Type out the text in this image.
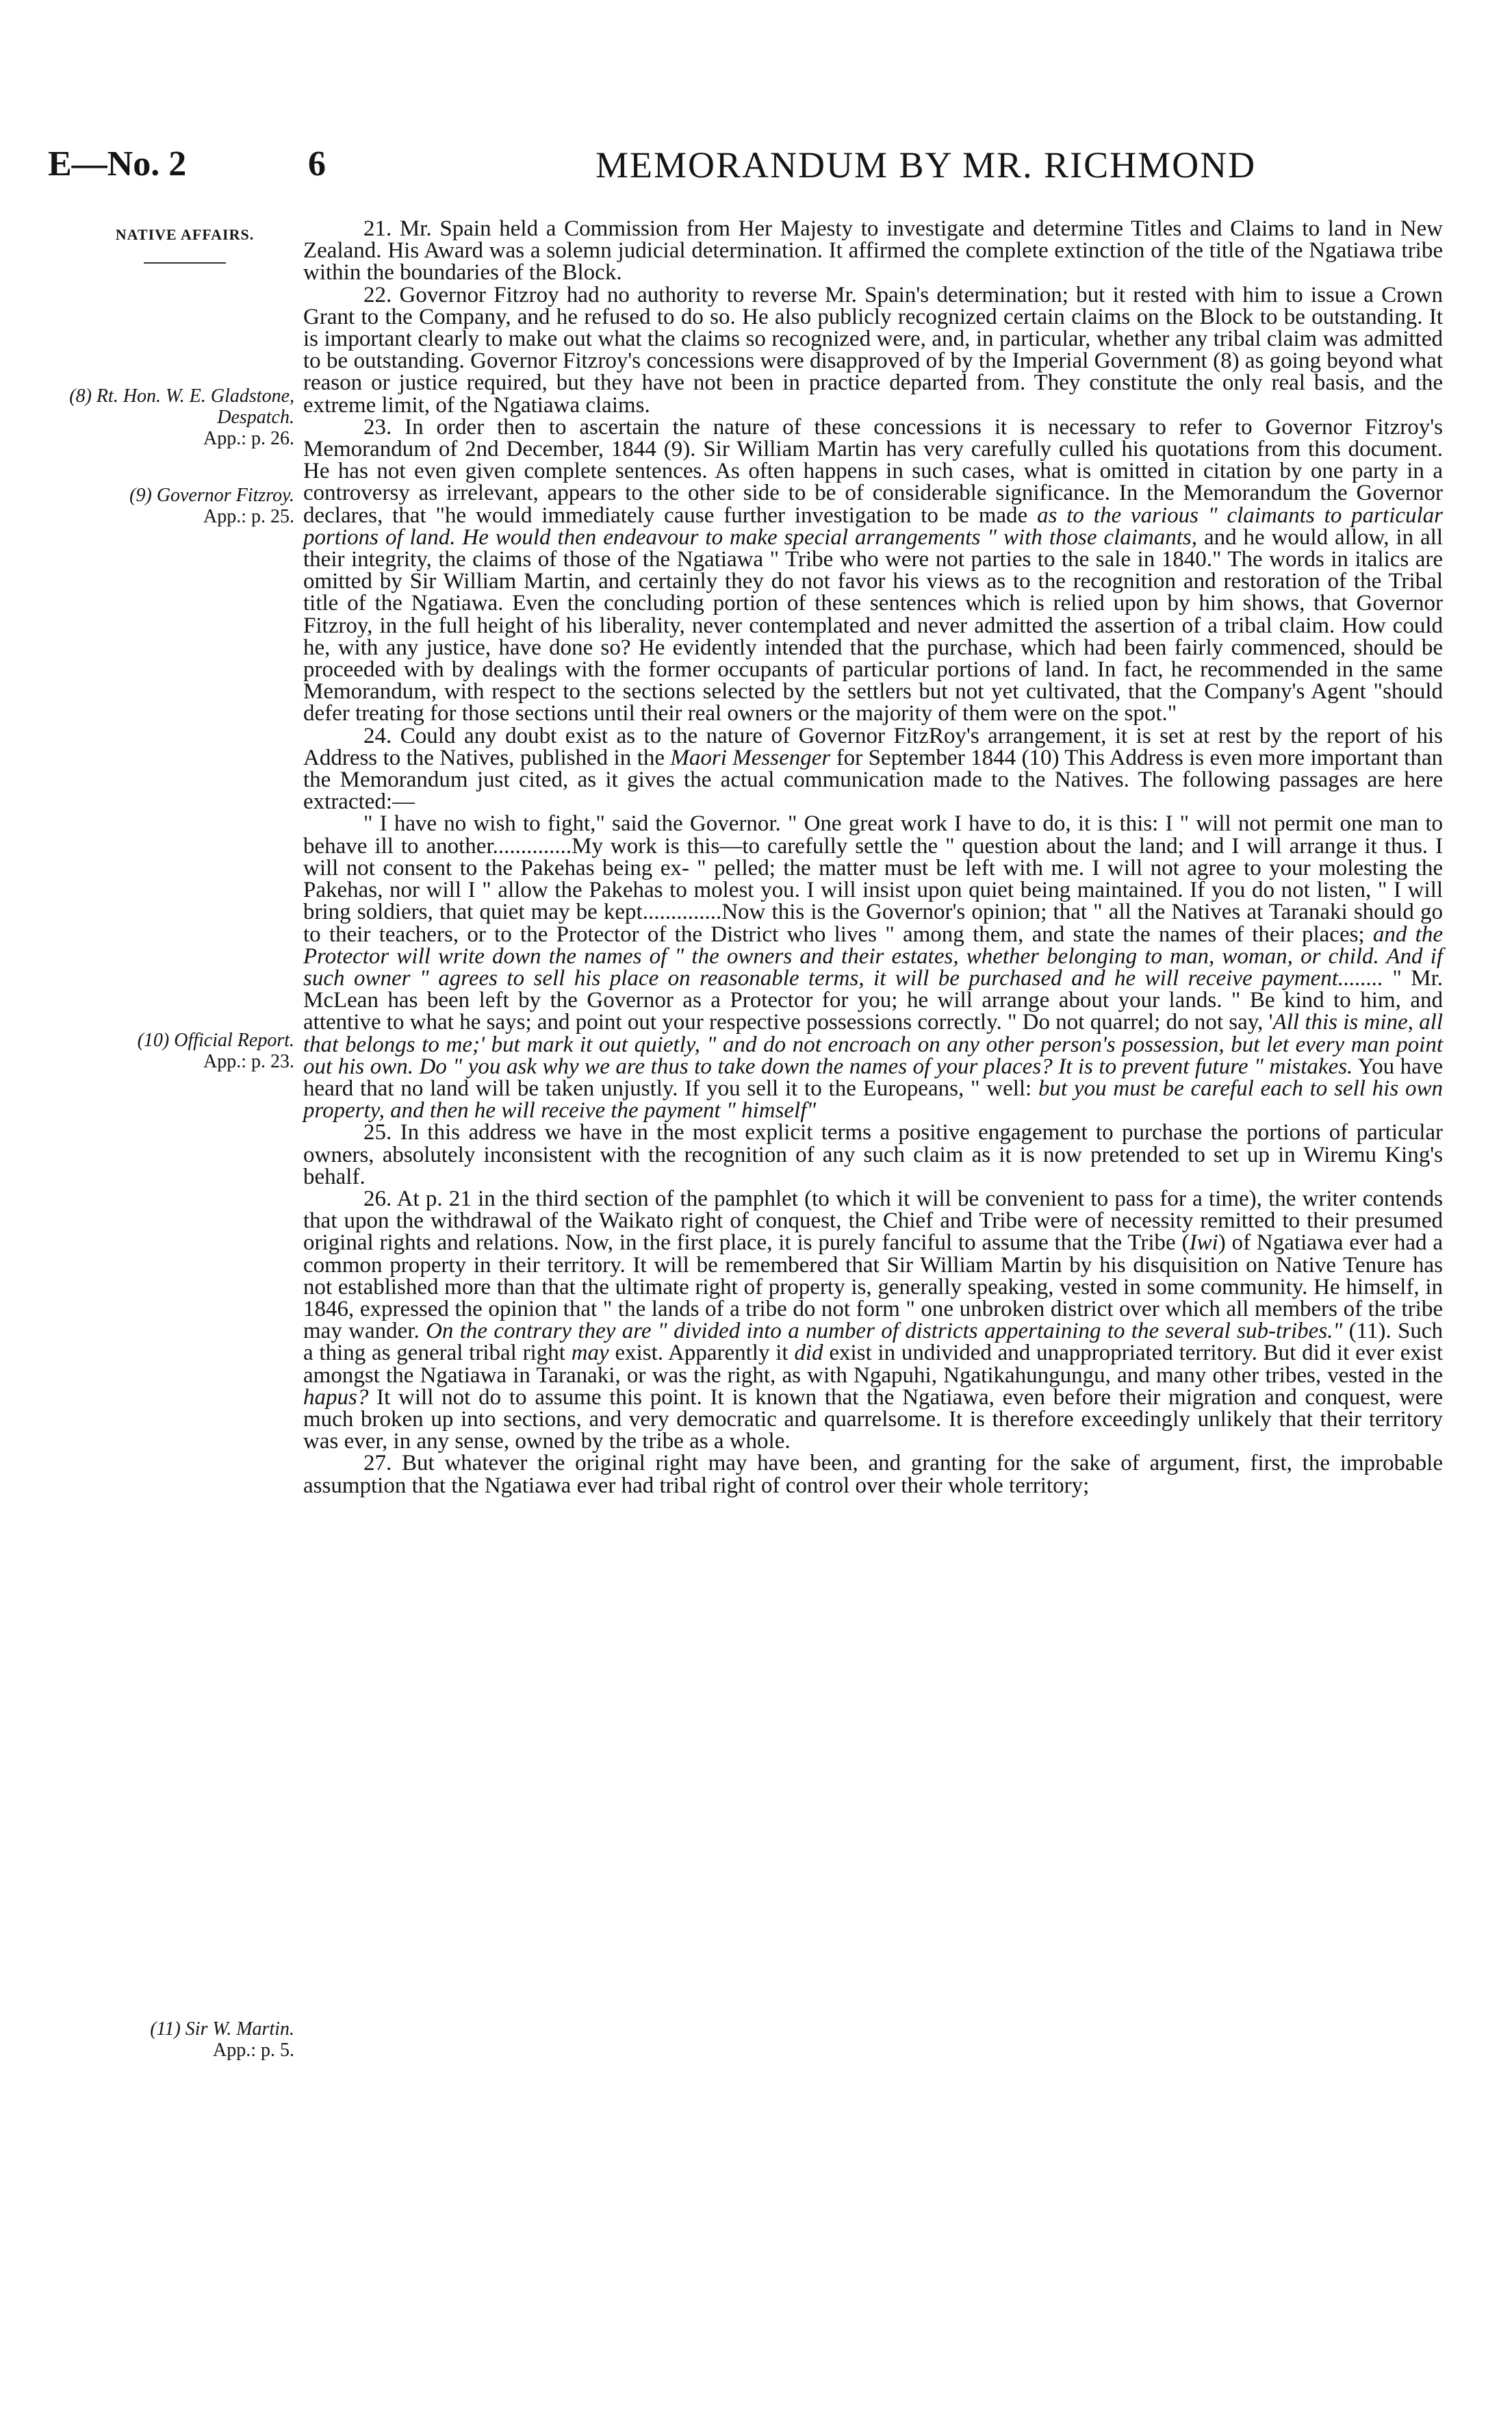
E—No. 2	6	MEMORANDUM BY MR. RICHMOND
NATIVE AFFAIRS.
(8) Rt. Hon. W. E. Gladstone, Despatch.
App.: p. 26.
(9) Governor Fitzroy.
App.: p. 25.
(10) Official Report.
App.: p. 23.
(11) Sir W. Martin.
App.: p. 5.

21. Mr. Spain held a Commission from Her Majesty to investigate and determine Titles and Claims to land in New Zealand. His Award was a solemn judicial determination. It affirmed the complete extinction of the title of the Ngatiawa tribe within the boundaries of the Block.

22. Governor Fitzroy had no authority to reverse Mr. Spain's determination; but it rested with him to issue a Crown Grant to the Company, and he refused to do so. He also publicly recognized certain claims on the Block to be outstanding. It is important clearly to make out what the claims so recognized were, and, in particular, whether any tribal claim was admitted to be outstanding. Governor Fitzroy's concessions were disapproved of by the Imperial Government (8) as going beyond what reason or justice required, but they have not been in practice departed from. They constitute the only real basis, and the extreme limit, of the Ngatiawa claims.

23. In order then to ascertain the nature of these concessions it is necessary to refer to Governor Fitzroy's Memorandum of 2nd December, 1844 (9). Sir William Martin has very carefully culled his quotations from this document. He has not even given complete sentences. As often happens in such cases, what is omitted in citation by one party in a controversy as irrelevant, appears to the other side to be of considerable significance. In the Memorandum the Governor declares, that "he would immediately cause further investigation to be made as to the various " claimants to particular portions of land. He would then endeavour to make special arrangements " with those claimants, and he would allow, in all their integrity, the claims of those of the Ngatiawa " Tribe who were not parties to the sale in 1840." The words in italics are omitted by Sir William Martin, and certainly they do not favor his views as to the recognition and restoration of the Tribal title of the Ngatiawa. Even the concluding portion of these sentences which is relied upon by him shows, that Governor Fitzroy, in the full height of his liberality, never contemplated and never admitted the assertion of a tribal claim. How could he, with any justice, have done so? He evidently intended that the purchase, which had been fairly commenced, should be proceeded with by dealings with the former occupants of particular portions of land. In fact, he recommended in the same Memorandum, with respect to the sections selected by the settlers but not yet cultivated, that the Company's Agent "should defer treating for those sections until their real owners or the majority of them were on the spot."

24. Could any doubt exist as to the nature of Governor FitzRoy's arrangement, it is set at rest by the report of his Address to the Natives, published in the Maori Messenger for September 1844 (10) This Address is even more important than the Memorandum just cited, as it gives the actual communication made to the Natives. The following passages are here extracted:—

" I have no wish to fight," said the Governor. " One great work I have to do, it is this: I " will not permit one man to behave ill to another..............My work is this—to carefully settle the " question about the land; and I will arrange it thus. I will not consent to the Pakehas being ex- " pelled; the matter must be left with me. I will not agree to your molesting the Pakehas, nor will I " allow the Pakehas to molest you. I will insist upon quiet being maintained. If you do not listen, " I will bring soldiers, that quiet may be kept..............Now this is the Governor's opinion; that " all the Natives at Taranaki should go to their teachers, or to the Protector of the District who lives " among them, and state the names of their places; and the Protector will write down the names of " the owners and their estates, whether belonging to man, woman, or child. And if such owner " agrees to sell his place on reasonable terms, it will be purchased and he will receive payment........ " Mr. McLean has been left by the Governor as a Protector for you; he will arrange about your lands. " Be kind to him, and attentive to what he says; and point out your respective possessions correctly. " Do not quarrel; do not say, 'All this is mine, all that belongs to me;' but mark it out quietly, " and do not encroach on any other person's possession, but let every man point out his own. Do " you ask why we are thus to take down the names of your places? It is to prevent future " mistakes. You have heard that no land will be taken unjustly. If you sell it to the Europeans, " well: but you must be careful each to sell his own property, and then he will receive the payment " himself"

25. In this address we have in the most explicit terms a positive engagement to purchase the portions of particular owners, absolutely inconsistent with the recognition of any such claim as it is now pretended to set up in Wiremu King's behalf.

26. At p. 21 in the third section of the pamphlet (to which it will be convenient to pass for a time), the writer contends that upon the withdrawal of the Waikato right of conquest, the Chief and Tribe were of necessity remitted to their presumed original rights and relations. Now, in the first place, it is purely fanciful to assume that the Tribe (Iwi) of Ngatiawa ever had a common property in their territory. It will be remembered that Sir William Martin by his disquisition on Native Tenure has not established more than that the ultimate right of property is, generally speaking, vested in some community. He himself, in 1846, expressed the opinion that " the lands of a tribe do not form " one unbroken district over which all members of the tribe may wander. On the contrary they are " divided into a number of districts appertaining to the several sub-tribes." (11). Such a thing as general tribal right may exist. Apparently it did exist in undivided and unappropriated territory. But did it ever exist amongst the Ngatiawa in Taranaki, or was the right, as with Ngapuhi, Ngatikahungungu, and many other tribes, vested in the hapus? It will not do to assume this point. It is known that the Ngatiawa, even before their migration and conquest, were much broken up into sections, and very democratic and quarrelsome. It is therefore exceedingly unlikely that their territory was ever, in any sense, owned by the tribe as a whole.

27. But whatever the original right may have been, and granting for the sake of argument, first, the improbable assumption that the Ngatiawa ever had tribal right of control over their whole territory;
